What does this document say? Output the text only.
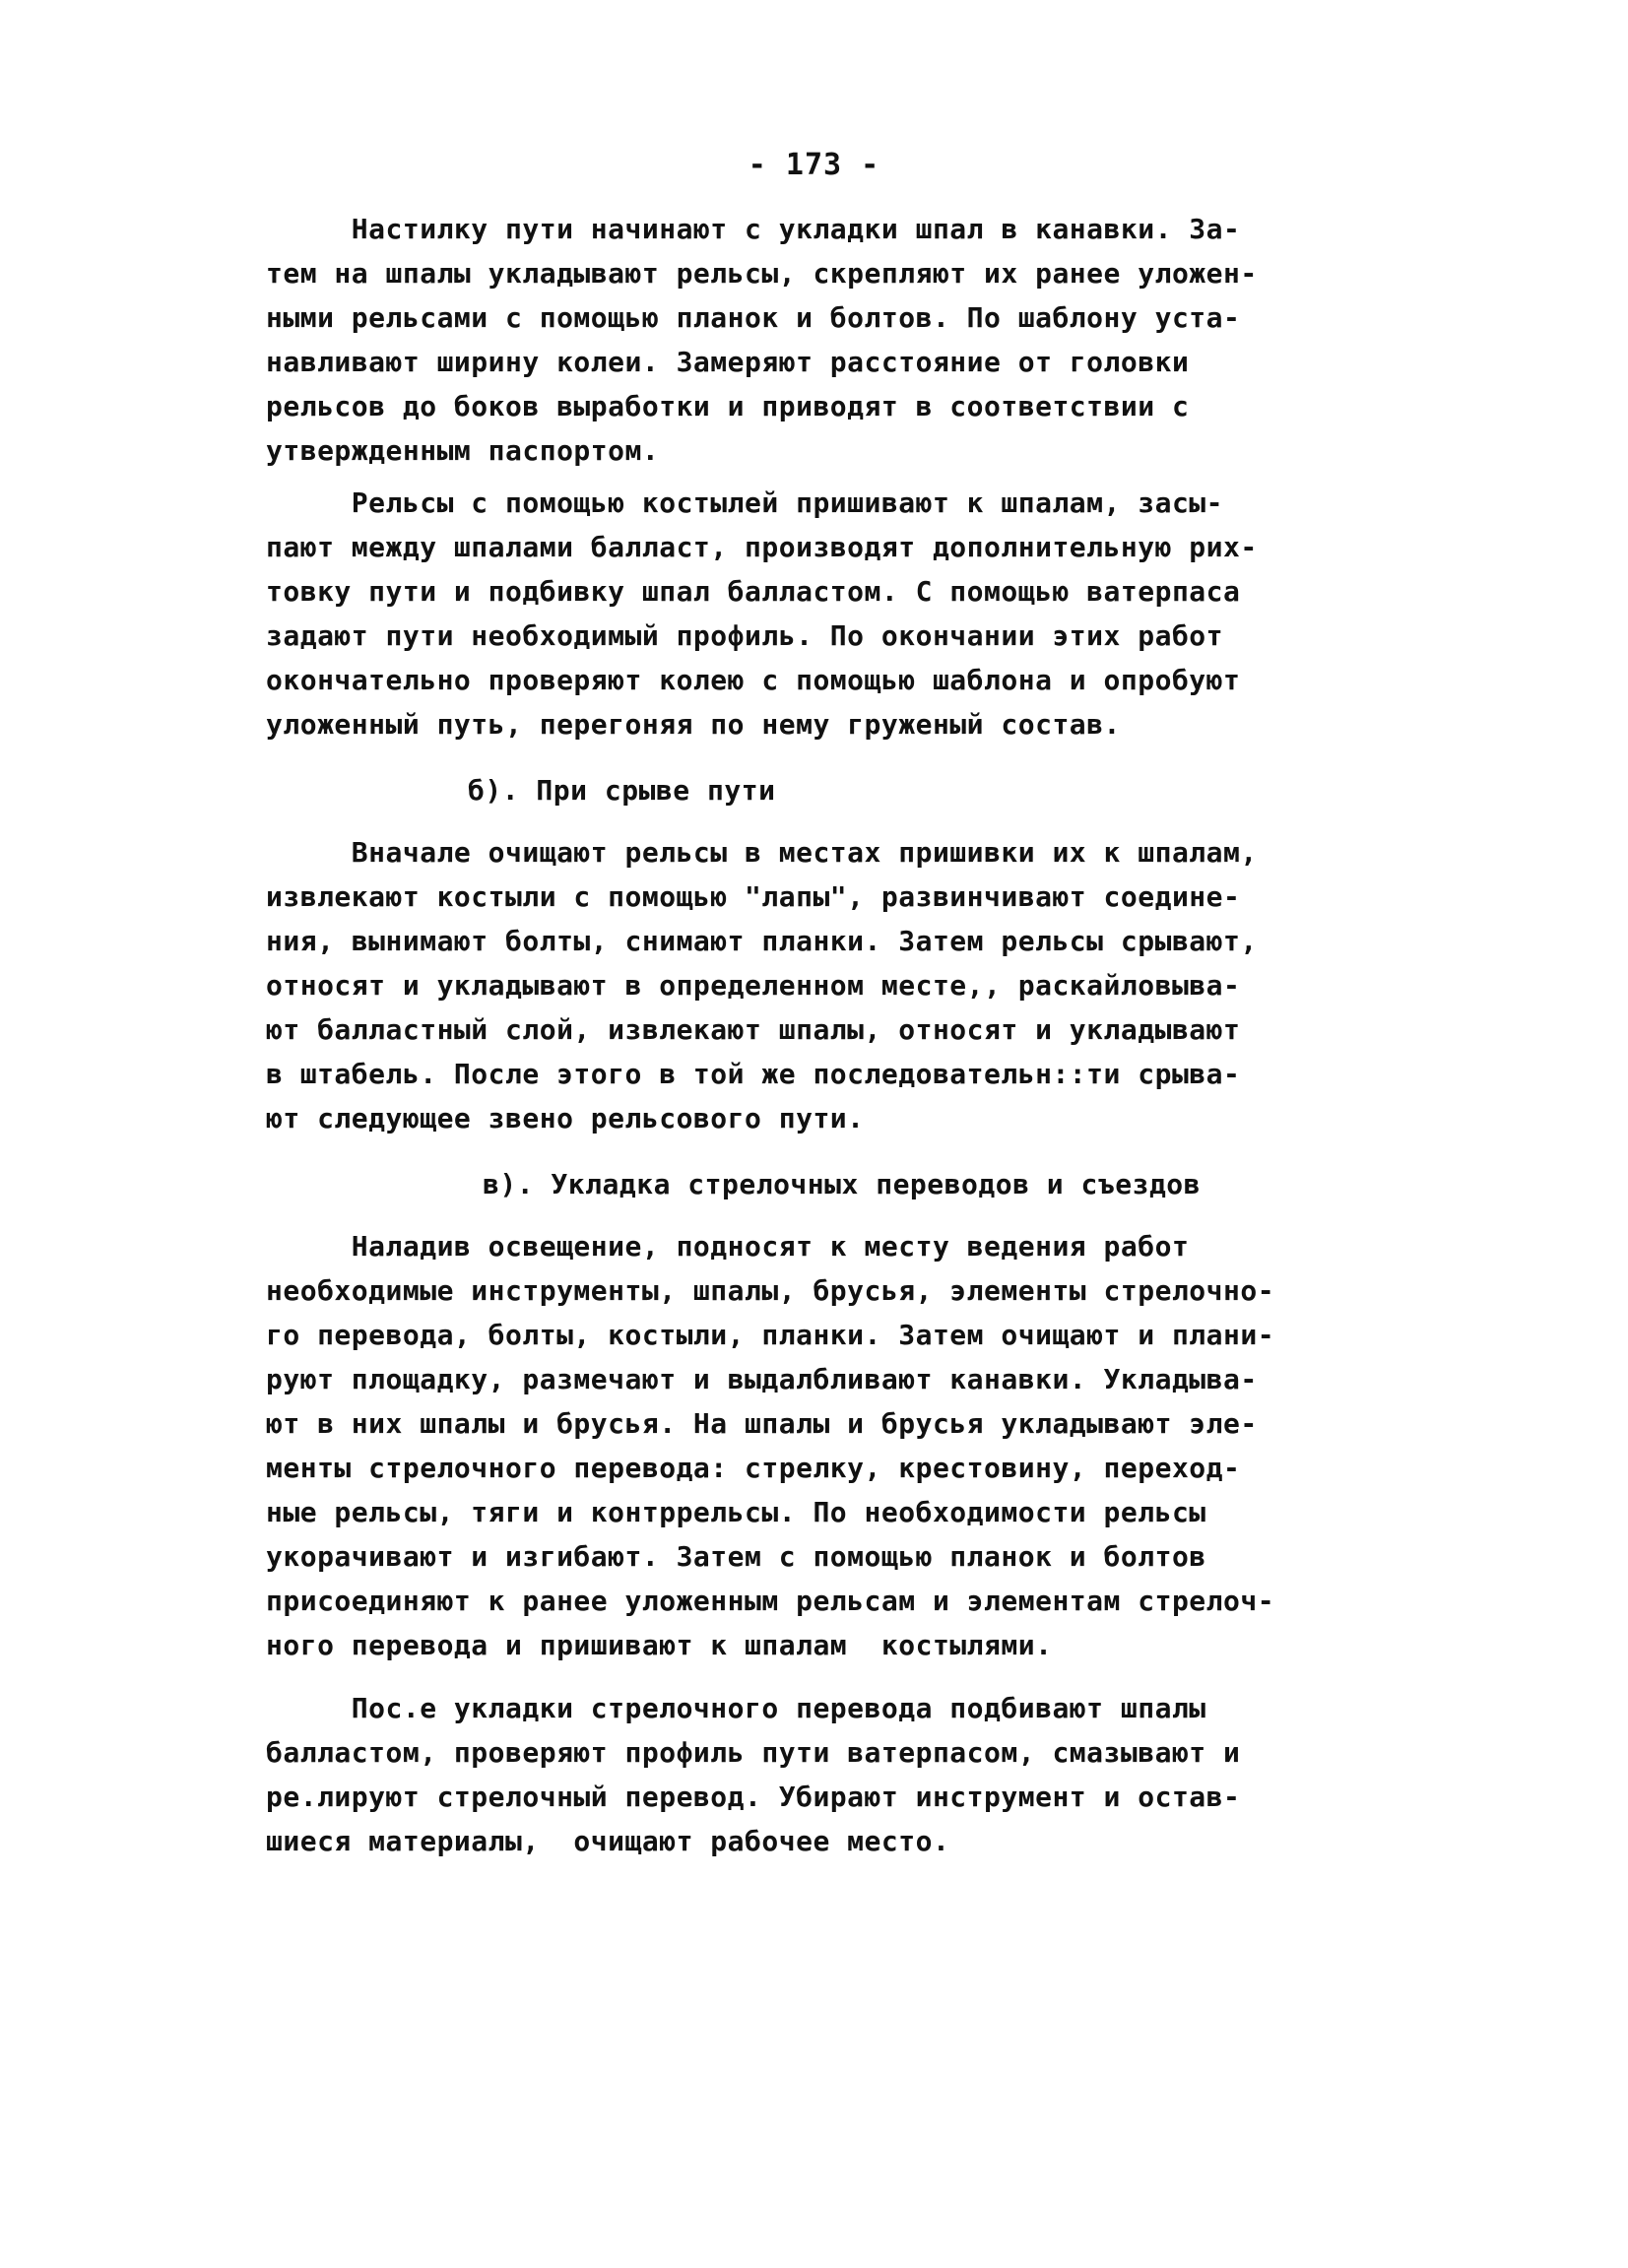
- 173 -
Настилку пути начинают с укладки шпал в канавки. За-
тем на шпалы укладывают рельсы, скрепляют их ранее уложен-
ными рельсами с помощью планок и болтов. По шаблону уста-
навливают ширину колеи. Замеряют расстояние от головки
рельсов до боков выработки и приводят в соответствии с
утвержденным паспортом.
Рельсы с помощью костылей пришивают к шпалам, засы-
пают между шпалами балласт, производят дополнительную рих-
товку пути и подбивку шпал балластом. С помощью ватерпаса
задают пути необходимый профиль. По окончании этих работ
окончательно проверяют колею с помощью шаблона и опробуют
уложенный путь, перегоняя по нему груженый состав.
б). При срыве пути
Вначале очищают рельсы в местах пришивки их к шпалам,
извлекают костыли с помощью "лапы", развинчивают соедине-
ния, вынимают болты, снимают планки. Затем рельсы срывают,
относят и укладывают в определенном месте,, раскайловыва-
ют балластный слой, извлекают шпалы, относят и укладывают
в штабель. После этого в той же последовательн::ти срыва-
ют следующее звено рельсового пути.
в). Укладка стрелочных переводов и съездов
Наладив освещение, подносят к месту ведения работ
необходимые инструменты, шпалы, брусья, элементы стрелочно-
го перевода, болты, костыли, планки. Затем очищают и плани-
руют площадку, размечают и выдалбливают канавки. Укладыва-
ют в них шпалы и брусья. На шпалы и брусья укладывают эле-
менты стрелочного перевода: стрелку, крестовину, переход-
ные рельсы, тяги и контррельсы. По необходимости рельсы
укорачивают и изгибают. Затем с помощью планок и болтов
присоединяют к ранее уложенным рельсам и элементам стрелоч-
ного перевода и пришивают к шпалам  костылями.
Пос.е укладки стрелочного перевода подбивают шпалы
балластом, проверяют профиль пути ватерпасом, смазывают и
ре.лируют стрелочный перевод. Убирают инструмент и остав-
шиеся материалы,  очищают рабочее место.
